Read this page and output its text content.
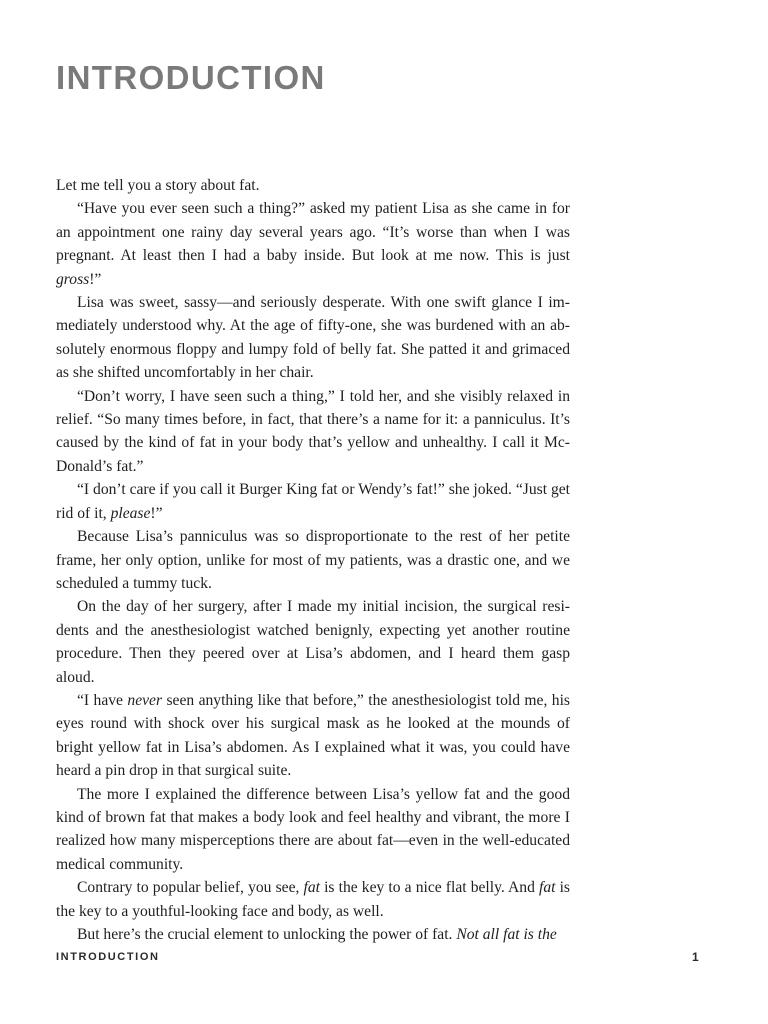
INTRODUCTION

Let me tell you a story about fat.

“Have you ever seen such a thing?” asked my patient Lisa as she came in for an appointment one rainy day several years ago. “It’s worse than when I was pregnant. At least then I had a baby inside. But look at me now. This is just gross!”

Lisa was sweet, sassy—and seriously desperate. With one swift glance I immediately understood why. At the age of fifty-one, she was burdened with an absolutely enormous floppy and lumpy fold of belly fat. She patted it and grimaced as she shifted uncomfortably in her chair.

“Don’t worry, I have seen such a thing,” I told her, and she visibly relaxed in relief. “So many times before, in fact, that there’s a name for it: a panniculus. It’s caused by the kind of fat in your body that’s yellow and unhealthy. I call it McDonald’s fat.”

“I don’t care if you call it Burger King fat or Wendy’s fat!” she joked. “Just get rid of it, please!”

Because Lisa’s panniculus was so disproportionate to the rest of her petite frame, her only option, unlike for most of my patients, was a drastic one, and we scheduled a tummy tuck.

On the day of her surgery, after I made my initial incision, the surgical residents and the anesthesiologist watched benignly, expecting yet another routine procedure. Then they peered over at Lisa’s abdomen, and I heard them gasp aloud.

“I have never seen anything like that before,” the anesthesiologist told me, his eyes round with shock over his surgical mask as he looked at the mounds of bright yellow fat in Lisa’s abdomen. As I explained what it was, you could have heard a pin drop in that surgical suite.

The more I explained the difference between Lisa’s yellow fat and the good kind of brown fat that makes a body look and feel healthy and vibrant, the more I realized how many misperceptions there are about fat—even in the well-educated medical community.

Contrary to popular belief, you see, fat is the key to a nice flat belly. And fat is the key to a youthful-looking face and body, as well.

But here’s the crucial element to unlocking the power of fat. Not all fat is the

INTRODUCTION	1
